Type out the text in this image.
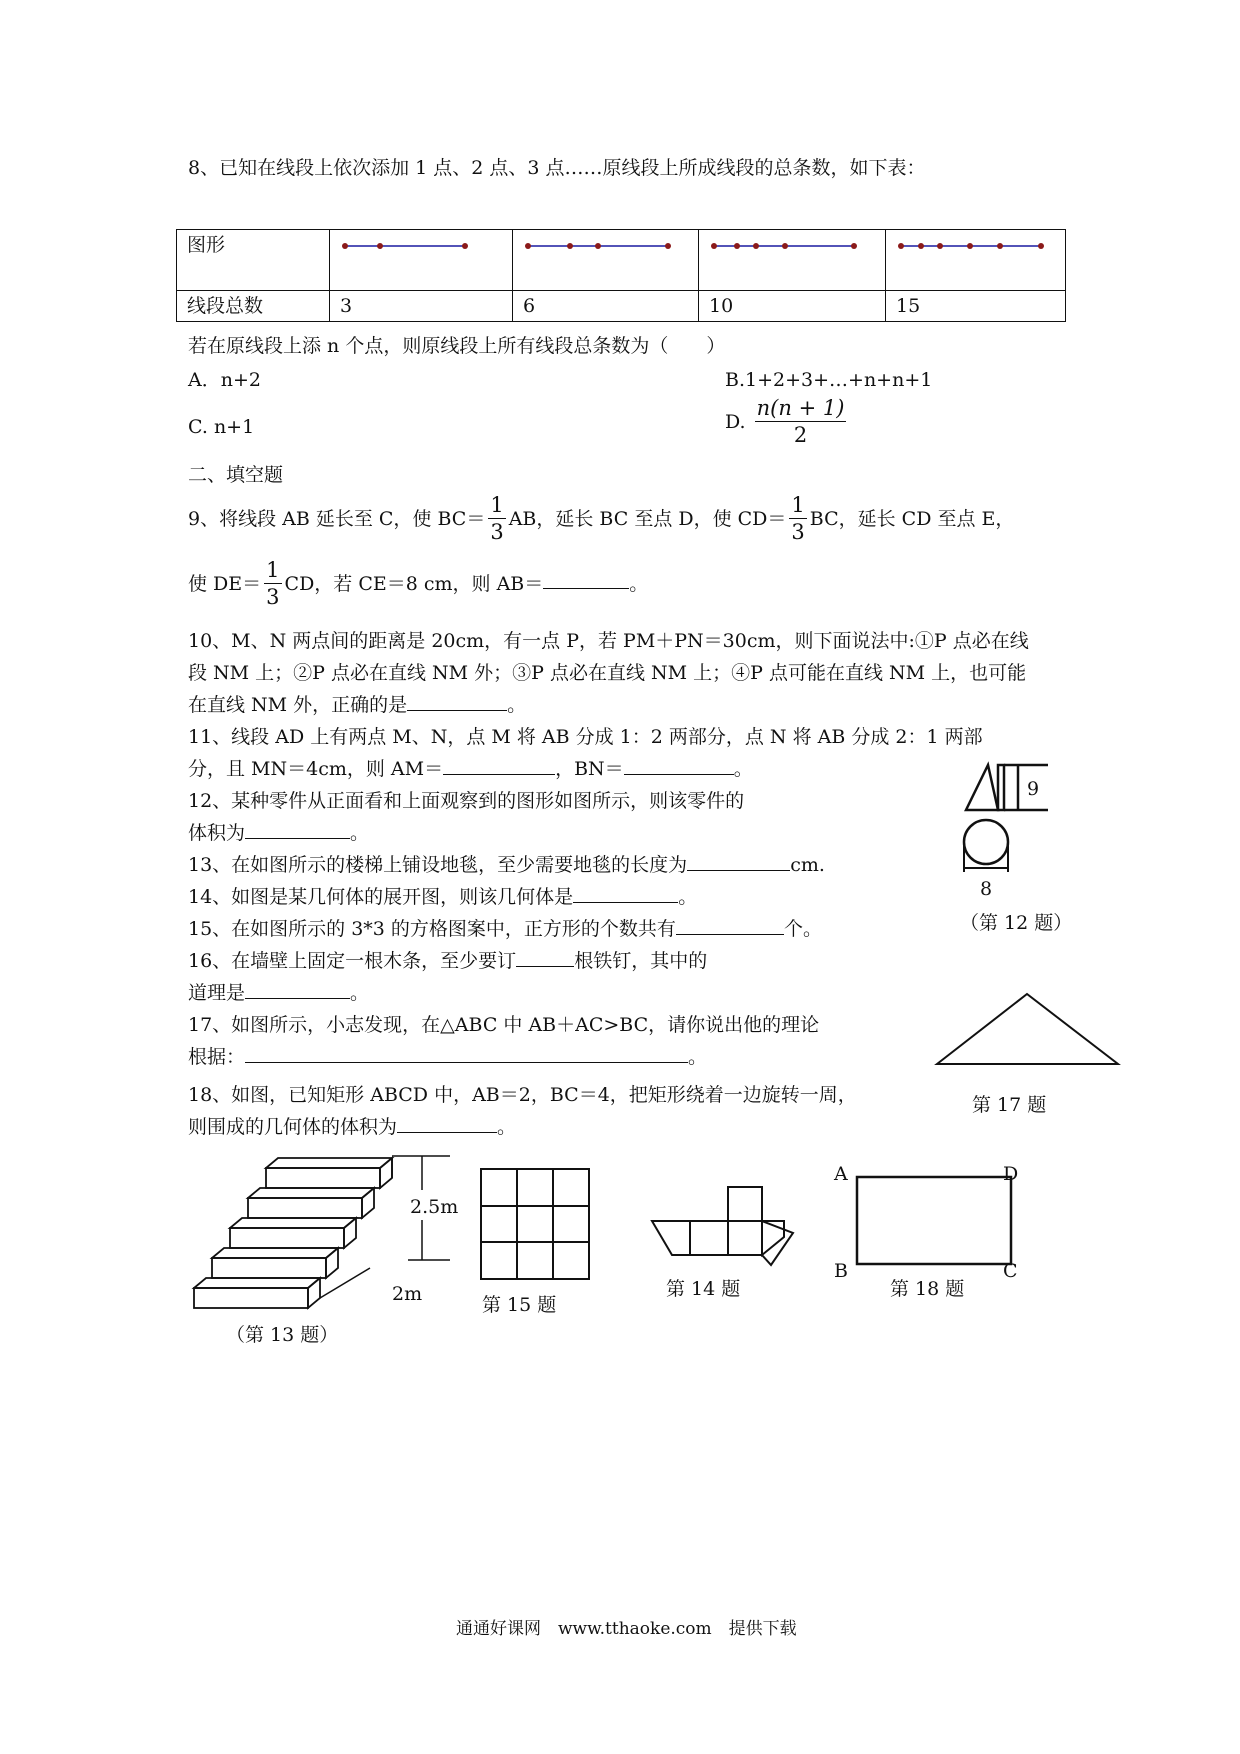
8、已知在线段上依次添加 1 点、2 点、3 点……原线段上所成线段的总条数，如下表：
图形				
线段总数	3	6	10	15
若在原线段上添 n 个点，则原线段上所有线段总条数为（　　）
A．n+2	B.1+2+3+…+n+n+1
C. n+1	D. $\frac{n(n + 1)}{2}$
二、填空题
9、将线段 AB 延长至 C，使 $BC= \frac{1}{3}$ AB，延长 BC 至点 D，使 $CD= \frac{1}{3}$ BC，延长 CD 至点 E，
使 $DE= \frac{1}{3}$ CD，若 CE＝8 cm，则 AB＝	。
10、M、N 两点间的距离是 20cm，有一点 P，若 PM＋PN＝30cm，则下面说法中:①P 点必在线
段 NM 上；②P 点必在直线 NM 外；③P 点必在直线 NM 上；④P 点可能在直线 NM 上，也可能
在直线 NM 外，正确的是	。
11、线段 AD 上有两点 M、N，点 M 将 AB 分成 1：2 两部分，点 N 将 AB 分成 2：1 两部
分，且 MN＝4cm，则 AM＝	，BN＝	。
12、某种零件从正面看和上面观察到的图形如图所示，则该零件的
体积为	。
13、在如图所示的楼梯上铺设地毯，至少需要地毯的长度为	cm.
14、如图是某几何体的展开图，则该几何体是	。
15、在如图所示的 3*3 的方格图案中，正方形的个数共有	个。
16、在墙壁上固定一根木条，至少要订	根铁钉，其中的
道理是	。
17、如图所示，小志发现，在△ABC 中 AB＋AC>BC，请你说出他的理论
根据：	。
18、如图，已知矩形 ABCD 中，AB＝2，BC＝4，把矩形绕着一边旋转一周，
则围成的几何体的体积为	。
9
8
（第 12 题）
第 17 题
2.5m
2m
（第 13 题）
第 15 题
第 14 题
A	D
B	C
第 18 题
通通好课网　www.tthaoke.com　提供下载
